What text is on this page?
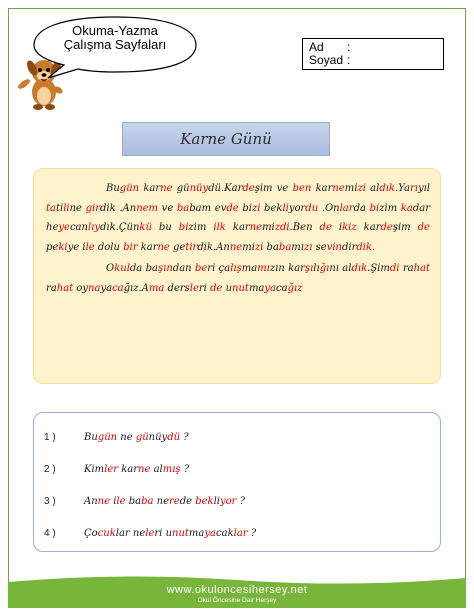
Okuma-Yazma
Çalışma Sayfaları	Ad	:
Soyad :
Karne Günü

Bugün karne günüydü.Kardeşim ve ben karnemizi aldık.Yarıyıl tatiline girdik .Annem ve babam evde bizi bekliyordu .Onlarda bizim kadar heyecanlıydık.Çünkü bu bizim ilk karnemizdi.Ben de ikiz kardeşim de pekiye ile dolu bir karne getirdik.Annemizi babamızı sevindirdik.

Okulda başından beri çalışmamızın karşılığını aldık.Şimdi rahat rahat oynayacağız.Ama dersleri de unutmayacağız

1 )	Bugün ne günüydü ?
2 )	Kimler karne almış ?
3 )	Anne ile baba nerede bekliyor ?
4 )	Çocuklar neleri unutmayacaklar ?
www.okuloncesihersey.net
Okul Öncesine Dair Herşey
